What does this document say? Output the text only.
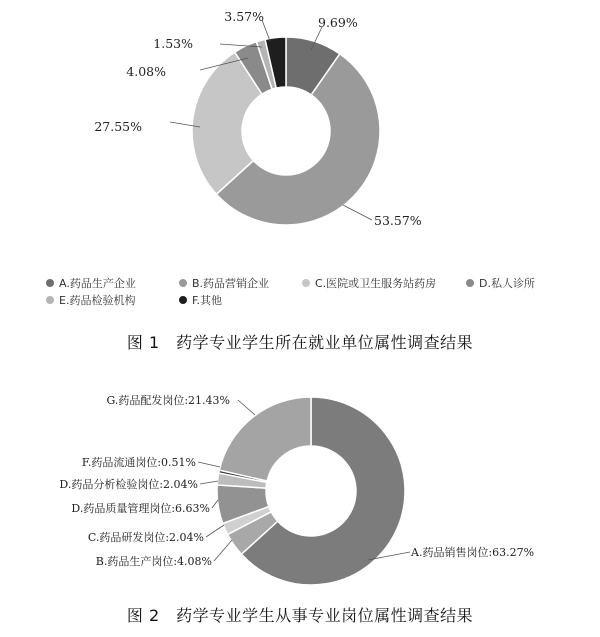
9.69%
53.57%
27.55%
4.08%
1.53%
3.57%
A.药品生产企业	B.药品营销企业	C.医院或卫生服务站药房	D.私人诊所
E.药品检验机构	F.其他
A.药品销售岗位:63.27%
B.药品生产岗位:4.08%
C.药品研发岗位:2.04%
D.药品质量管理岗位:6.63%
D.药品分析检验岗位:2.04%
F.药品流通岗位:0.51%
G.药品配发岗位:21.43%

图 1　药学专业学生所在就业单位属性调查结果

图 2　药学专业学生从事专业岗位属性调查结果
